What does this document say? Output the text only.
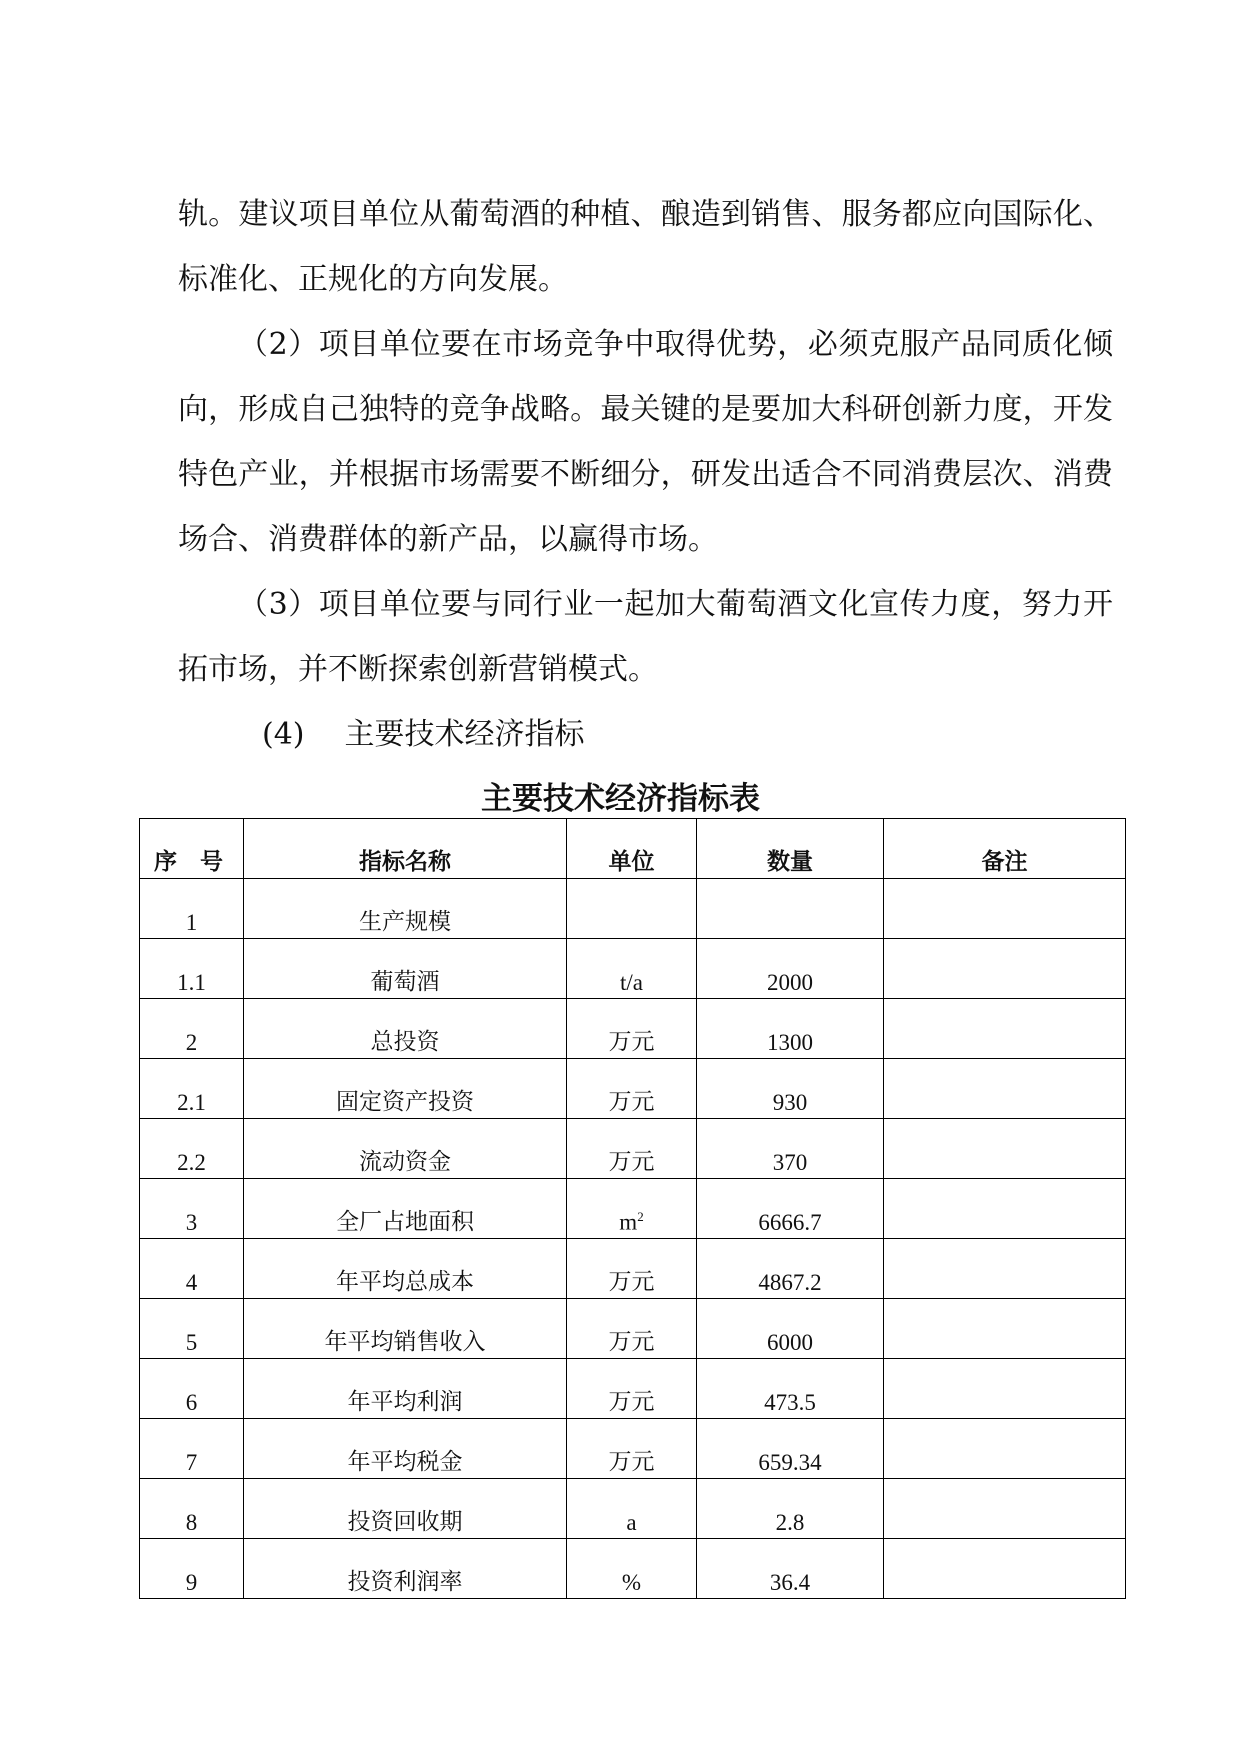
轨。建议项目单位从葡萄酒的种植、酿造到销售、服务都应向国际化、标准化、正规化的方向发展。

（2）项目单位要在市场竞争中取得优势，必须克服产品同质化倾向，形成自己独特的竞争战略。最关键的是要加大科研创新力度，开发特色产业，并根据市场需要不断细分，研发出适合不同消费层次、消费场合、消费群体的新产品，以赢得市场。

（3）项目单位要与同行业一起加大葡萄酒文化宣传力度，努力开拓市场，并不断探索创新营销模式。

(4) 主要技术经济指标

主要技术经济指标表
序　号	指标名称	单位	数量	备注
1	生产规模			
1.1	葡萄酒	t/a	2000	
2	总投资	万元	1300	
2.1	固定资产投资	万元	930	
2.2	流动资金	万元	370	
3	全厂占地面积	$m^2$	6666.7	
4	年平均总成本	万元	4867.2	
5	年平均销售收入	万元	6000	
6	年平均利润	万元	473.5	
7	年平均税金	万元	659.34	
8	投资回收期	a	2.8	
9	投资利润率	%	36.4	
